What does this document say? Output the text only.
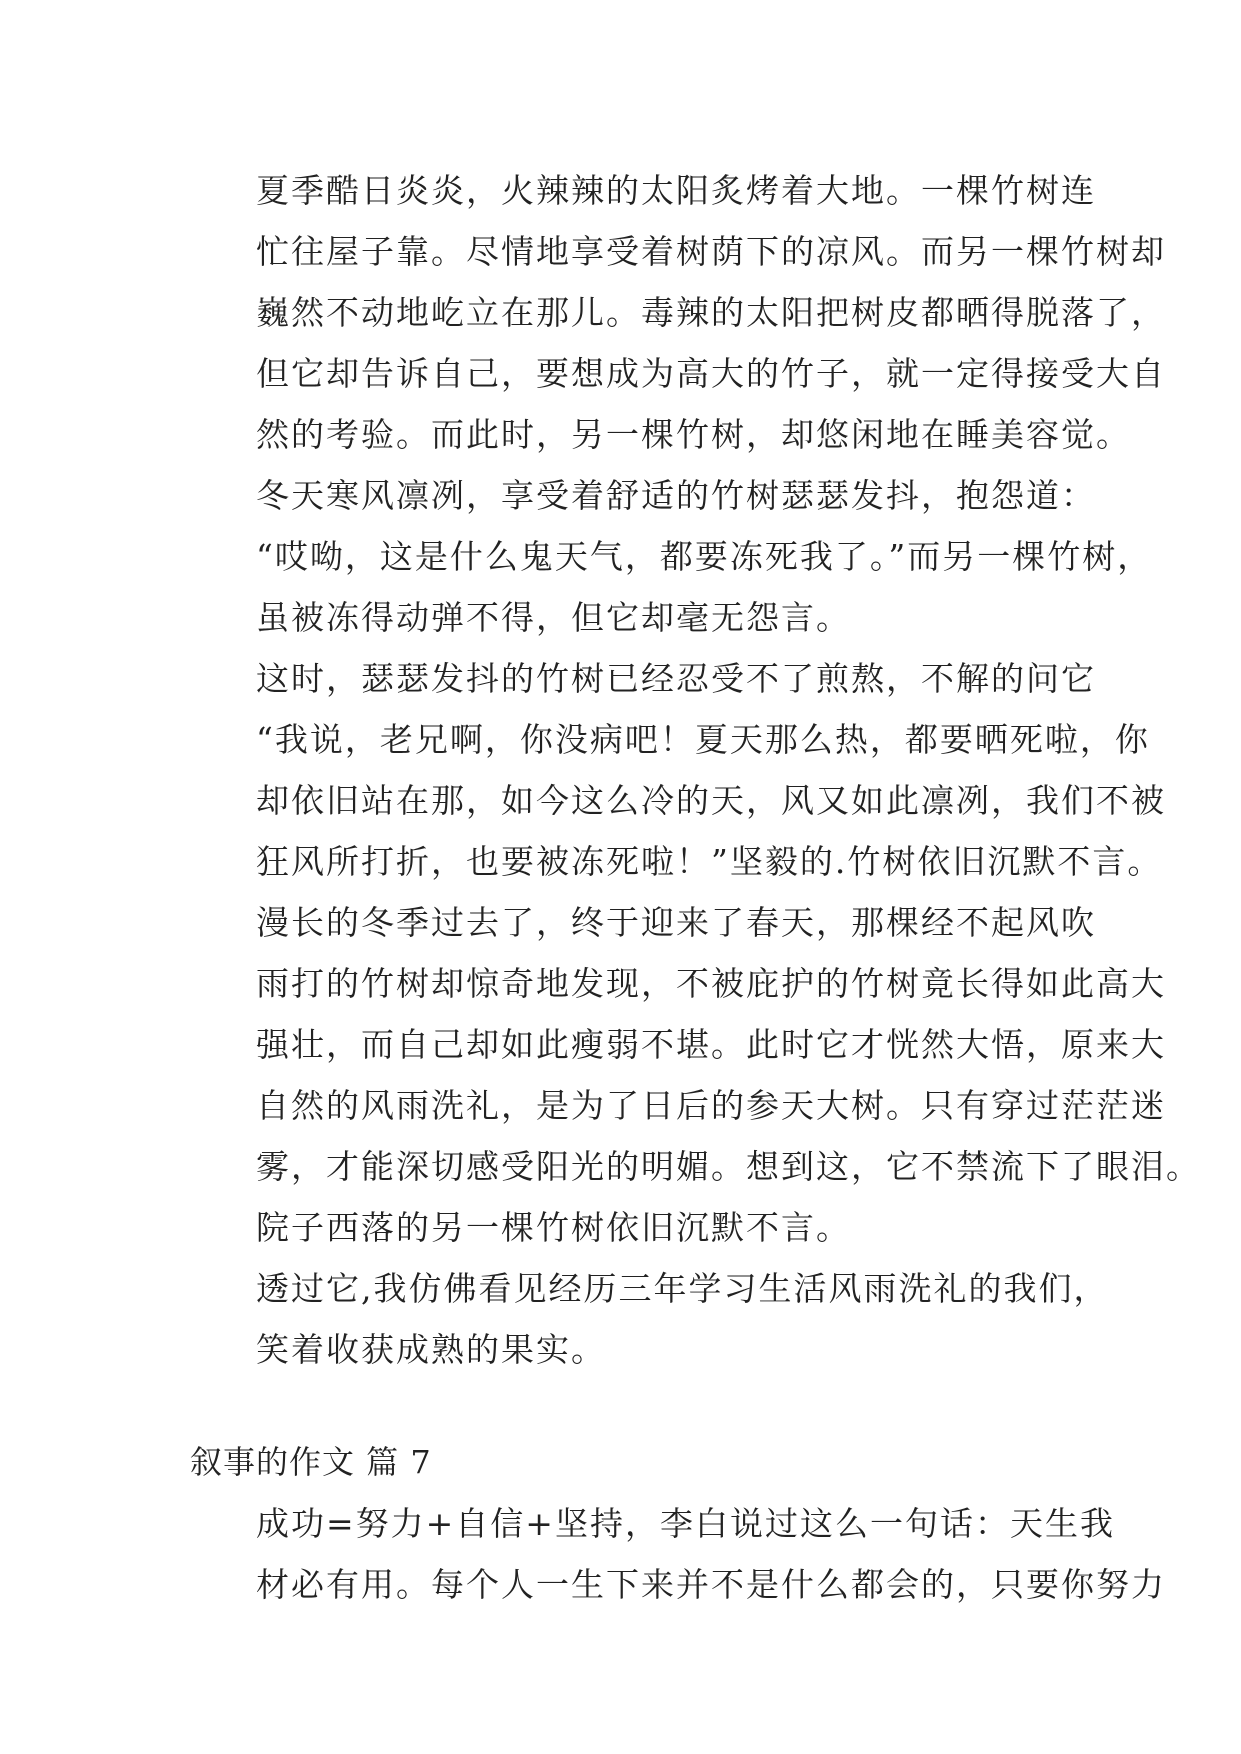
夏季酷日炎炎，火辣辣的太阳炙烤着大地。一棵竹树连
忙往屋子靠。尽情地享受着树荫下的凉风。而另一棵竹树却
巍然不动地屹立在那儿。毒辣的太阳把树皮都晒得脱落了，
但它却告诉自己，要想成为高大的竹子，就一定得接受大自
然的考验。而此时，另一棵竹树，却悠闲地在睡美容觉。

冬天寒风凛冽，享受着舒适的竹树瑟瑟发抖，抱怨道：
“哎呦，这是什么鬼天气，都要冻死我了。”而另一棵竹树，
虽被冻得动弹不得，但它却毫无怨言。

这时，瑟瑟发抖的竹树已经忍受不了煎熬，不解的问它
“我说，老兄啊，你没病吧！夏天那么热，都要晒死啦，你
却依旧站在那，如今这么冷的天，风又如此凛冽，我们不被
狂风所打折，也要被冻死啦！”坚毅的.竹树依旧沉默不言。

漫长的冬季过去了，终于迎来了春天，那棵经不起风吹
雨打的竹树却惊奇地发现，不被庇护的竹树竟长得如此高大
强壮，而自己却如此瘦弱不堪。此时它才恍然大悟，原来大
自然的风雨洗礼，是为了日后的参天大树。只有穿过茫茫迷
雾，才能深切感受阳光的明媚。想到这，它不禁流下了眼泪。

院子西落的另一棵竹树依旧沉默不言。

透过它,我仿佛看见经历三年学习生活风雨洗礼的我们，
笑着收获成熟的果实。

叙事的作文 篇 7

成功=努力+自信+坚持，李白说过这么一句话：天生我
材必有用。每个人一生下来并不是什么都会的，只要你努力
